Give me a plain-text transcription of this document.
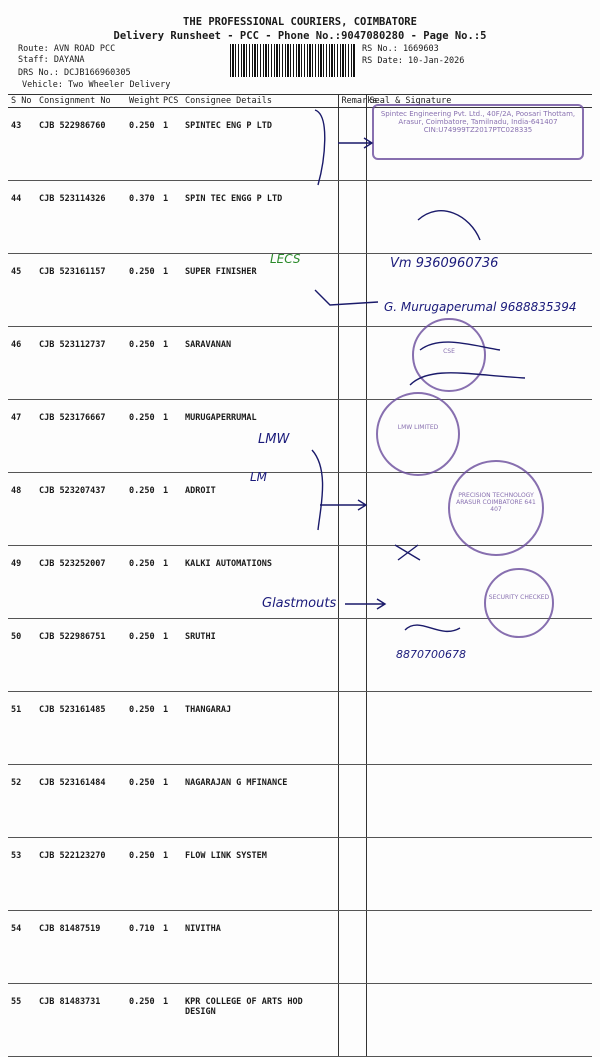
THE PROFESSIONAL COURIERS, COIMBATORE
Delivery Runsheet - PCC - Phone No.:9047080280 - Page No.:5
Route: AVN ROAD PCC
Staff: DAYANA
DRS No.: DCJB166960305
Vehicle: Two Wheeler Delivery
RS No.: 1669603
RS Date: 10-Jan-2026
S No	Consignment No	Weight	PCS	Consignee Details	Remarks	Seal & Signature
43	CJB 522986760	0.250	1	SPINTEC ENG P LTD		
44	CJB 523114326	0.370	1	SPIN TEC ENGG P LTD		
45	CJB 523161157	0.250	1	SUPER FINISHER		
46	CJB 523112737	0.250	1	SARAVANAN		
47	CJB 523176667	0.250	1	MURUGAPERRUMAL		
48	CJB 523207437	0.250	1	ADROIT		
49	CJB 523252007	0.250	1	KALKI AUTOMATIONS		
50	CJB 522986751	0.250	1	SRUTHI		
51	CJB 523161485	0.250	1	THANGARAJ		
52	CJB 523161484	0.250	1	NAGARAJAN G MFINANCE		
53	CJB 522123270	0.250	1	FLOW LINK SYSTEM		
54	CJB 81487519	0.710	1	NIVITHA		
55	CJB 81483731	0.250	1	KPR COLLEGE OF ARTS HOD DESIGN		
LECS	Vm 9360960736
G. Murugaperumal 9688835394
LMW
LM
Glastmouts
8870700678
Spintec Engineering Pvt. Ltd., 40F/2A, Poosari Thottam, Arasur, Coimbatore, Tamilnadu, India-641407 CIN:U74999TZ2017PTC028335
CSE
LMW LIMITED
PRECISION TECHNOLOGY ARASUR COIMBATORE 641 407
SECURITY CHECKED
